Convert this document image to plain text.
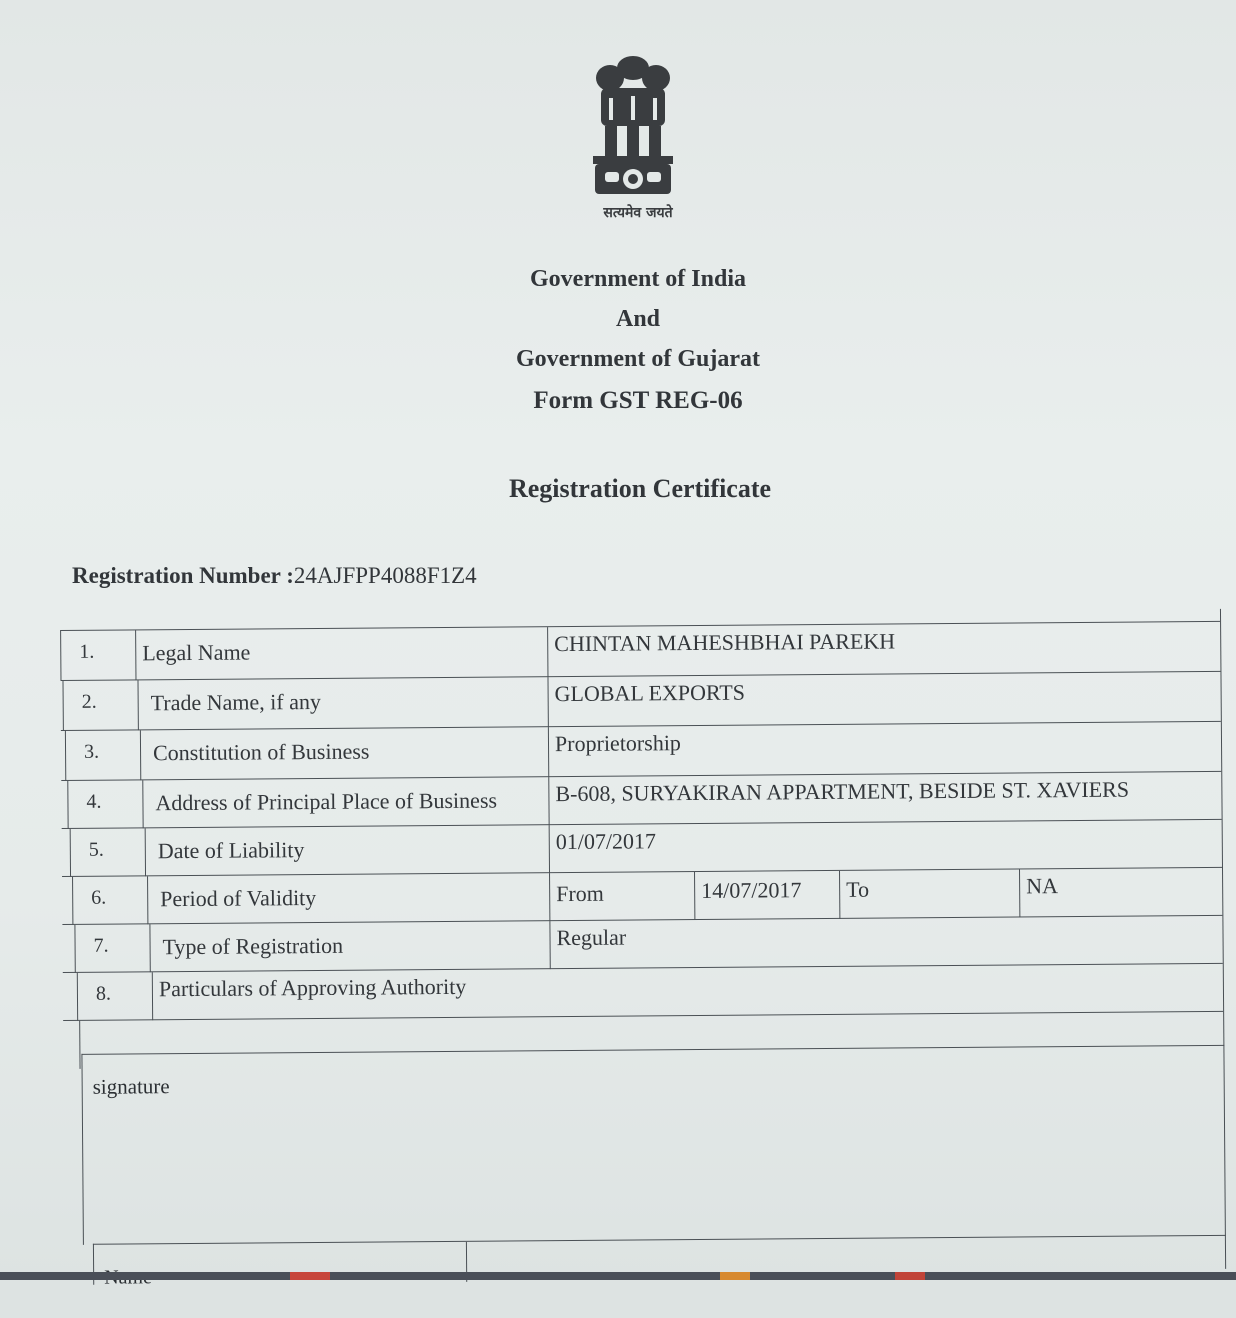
सत्यमेव जयते
Government of India
And
Government of Gujarat
Form GST REG-06
Registration Certificate
Registration Number :24AJFPP4088F1Z4
1. Legal Name	CHINTAN MAHESHBHAI PAREKH
2. Trade Name, if any	GLOBAL EXPORTS
3. Constitution of Business	Proprietorship
4. Address of Principal Place of Business	B-608, SURYAKIRAN APPARTMENT, BESIDE ST. XAVIERS
5. Date of Liability	01/07/2017
6. Period of Validity	From	14/07/2017 To	NA
7. Type of Registration	Regular
8. Particulars of Approving Authority
signature
